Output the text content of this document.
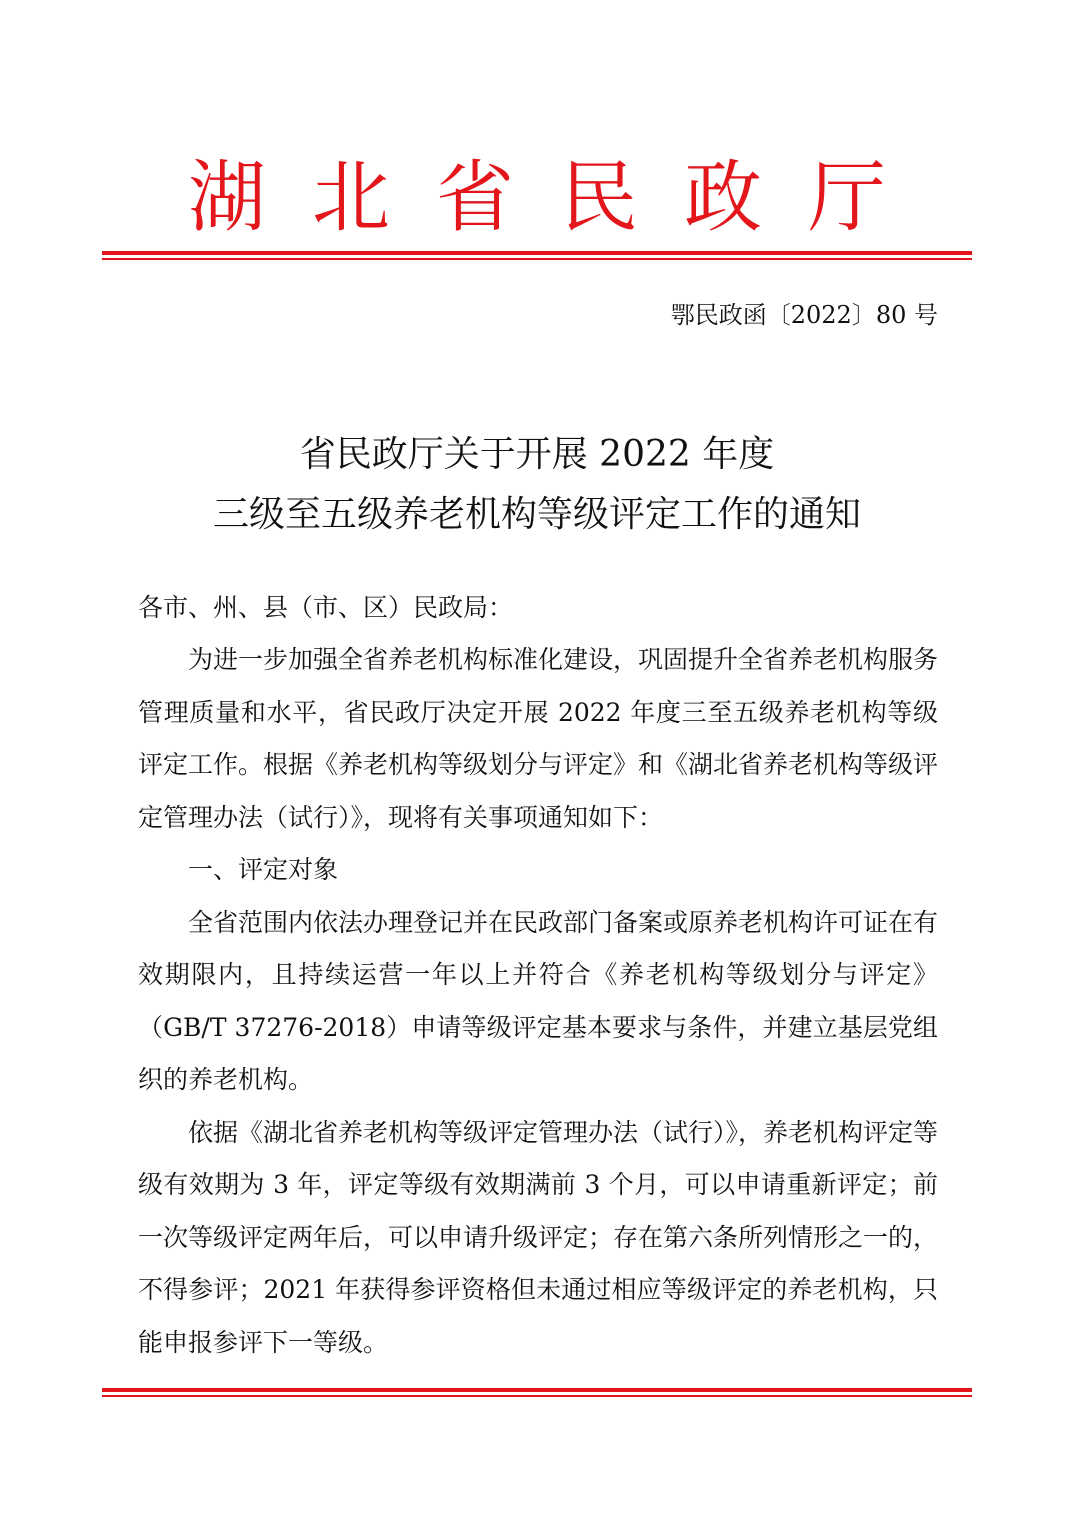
湖北省民政厅
鄂民政函〔2022〕80 号
省民政厅关于开展 2022 年度
三级至五级养老机构等级评定工作的通知
各市、州、县（市、区）民政局：

为进一步加强全省养老机构标准化建设，巩固提升全省养老机构服务管理质量和水平，省民政厅决定开展 2022 年度三至五级养老机构等级评定工作。根据《养老机构等级划分与评定》和《湖北省养老机构等级评定管理办法（试行）》，现将有关事项通知如下：

一、评定对象

全省范围内依法办理登记并在民政部门备案或原养老机构许可证在有效期限内，且持续运营一年以上并符合《养老机构等级划分与评定》（GB/T 37276-2018）申请等级评定基本要求与条件，并建立基层党组织的养老机构。

依据《湖北省养老机构等级评定管理办法（试行）》，养老机构评定等级有效期为 3 年，评定等级有效期满前 3 个月，可以申请重新评定；前一次等级评定两年后，可以申请升级评定；存在第六条所列情形之一的，不得参评；2021 年获得参评资格但未通过相应等级评定的养老机构，只能申报参评下一等级。
